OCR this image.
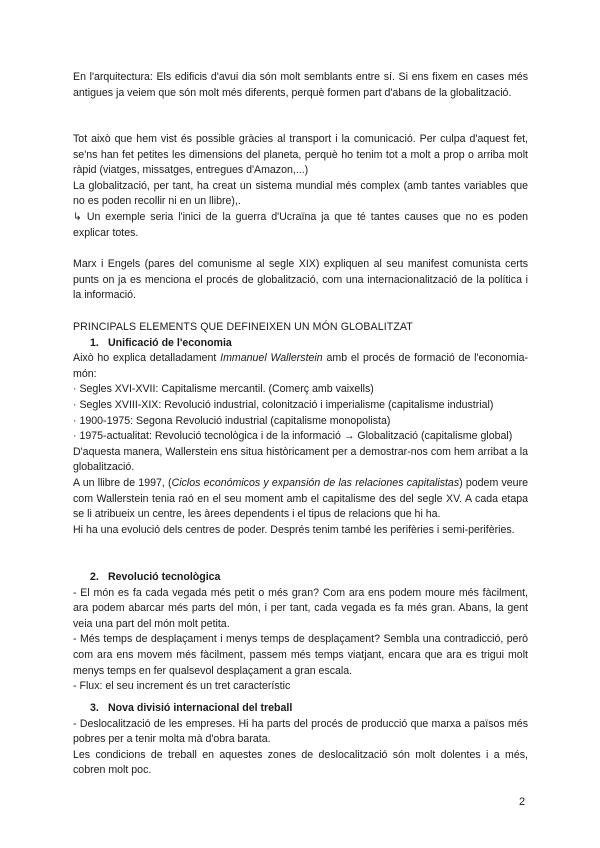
En l'arquitectura: Els edificis d'avui dia són molt semblants entre sí. Si ens fixem en cases més antigues ja veiem que són molt més diferents, perquè formen part d'abans de la globalització.

Tot això que hem vist és possible gràcies al transport i la comunicació. Per culpa d'aquest fet, se'ns han fet petites les dimensions del planeta, perquè ho tenim tot a molt a prop o arriba molt ràpid (viatges, missatges, entregues d'Amazon,...)

La globalització, per tant, ha creat un sistema mundial més complex (amb tantes variables que no es poden recollir ni en un llibre),.

↳ Un exemple seria l'inici de la guerra d'Ucraïna ja que té tantes causes que no es poden explicar totes.

Marx i Engels (pares del comunisme al segle XIX) expliquen al seu manifest comunista certs punts on ja es menciona el procés de globalització, com una internacionalització de la política i la informació.

PRINCIPALS ELEMENTS QUE DEFINEIXEN UN MÓN GLOBALITZAT

1. Unificació de l'economia

Això ho explica detalladament Immanuel Wallerstein amb el procés de formació de l'economia-món:

· Segles XVI-XVII: Capitalisme mercantil. (Comerç amb vaixells)

· Segles XVIII-XIX: Revolució industrial, colonització i imperialisme (capitalisme industrial)

· 1900-1975: Segona Revolució industrial (capitalisme monopolista)

· 1975-actualitat: Revolució tecnològica i de la informació → Globalització (capitalisme global)

D'aquesta manera, Wallerstein ens situa històricament per a demostrar-nos com hem arribat a la globalització.

A un llibre de 1997, (Ciclos económicos y expansión de las relaciones capitalistas) podem veure com Wallerstein tenia raó en el seu moment amb el capitalisme des del segle XV. A cada etapa se li atribueix un centre, les àrees dependents i el tipus de relacions que hi ha.

Hi ha una evolució dels centres de poder. Després tenim també les perifèries i semi-perifèries.

2. Revolució tecnològica

- El món es fa cada vegada més petit o més gran? Com ara ens podem moure més fàcilment, ara podem abarcar més parts del món, i per tant, cada vegada es fa més gran. Abans, la gent veia una part del món molt petita.

- Més temps de desplaçament i menys temps de desplaçament? Sembla una contradicció, però com ara ens movem més fàcilment, passem més temps viatjant, encara que ara es trigui molt menys temps en fer qualsevol desplaçament a gran escala.

- Flux: el seu increment és un tret característic

3. Nova divisió internacional del treball

- Deslocalització de les empreses. Hi ha parts del procés de producció que marxa a països més pobres per a tenir molta mà d'obra barata.

Les condicions de treball en aquestes zones de deslocalització són molt dolentes i a més, cobren molt poc.

2
